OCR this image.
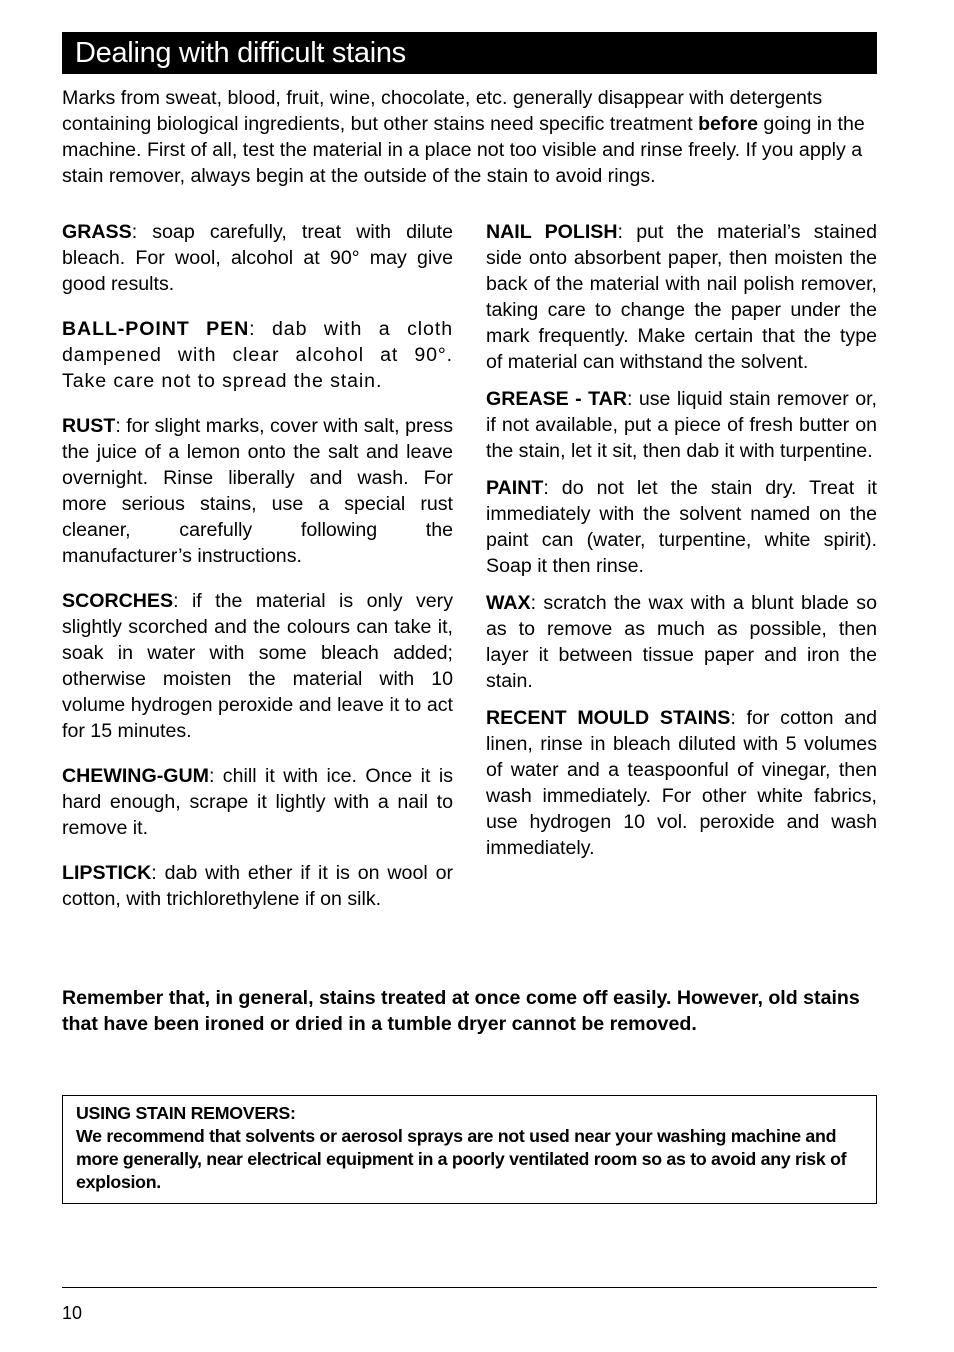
Dealing with difficult stains
Marks from sweat, blood, fruit, wine, chocolate, etc. generally disappear with detergents containing biological ingredients, but other stains need specific treatment before going in the machine. First of all, test the material in a place not too visible and rinse freely. If you apply a stain remover, always begin at the outside of the stain to avoid rings.

GRASS: soap carefully, treat with dilute bleach. For wool, alcohol at 90° may give good results.

BALL-POINT PEN: dab with a cloth dampened with clear alcohol at 90°. Take care not to spread the stain.

RUST: for slight marks, cover with salt, press the juice of a lemon onto the salt and leave overnight. Rinse liberally and wash. For more serious stains, use a special rust cleaner, carefully following the manufacturer’s instructions.

SCORCHES: if the material is only very slightly scorched and the colours can take it, soak in water with some bleach added; otherwise moisten the material with 10 volume hydrogen peroxide and leave it to act for 15 minutes.

CHEWING-GUM: chill it with ice. Once it is hard enough, scrape it lightly with a nail to remove it.

LIPSTICK: dab with ether if it is on wool or cotton, with trichlorethylene if on silk.

NAIL POLISH: put the material’s stained side onto absorbent paper, then moisten the back of the material with nail polish remover, taking care to change the paper under the mark frequently. Make certain that the type of material can withstand the solvent.

GREASE - TAR: use liquid stain remover or, if not available, put a piece of fresh butter on the stain, let it sit, then dab it with turpentine.

PAINT: do not let the stain dry. Treat it immediately with the solvent named on the paint can (water, turpentine, white spirit). Soap it then rinse.

WAX: scratch the wax with a blunt blade so as to remove as much as possible, then layer it between tissue paper and iron the stain.

RECENT MOULD STAINS: for cotton and linen, rinse in bleach diluted with 5 volumes of water and a teaspoonful of vinegar, then wash immediately. For other white fabrics, use hydrogen 10 vol. peroxide and wash immediately.

Remember that, in general, stains treated at once come off easily. However, old stains that have been ironed or dried in a tumble dryer cannot be removed.
USING STAIN REMOVERS:
We recommend that solvents or aerosol sprays are not used near your washing machine and more generally, near electrical equipment in a poorly ventilated room so as to avoid any risk of explosion.
10
